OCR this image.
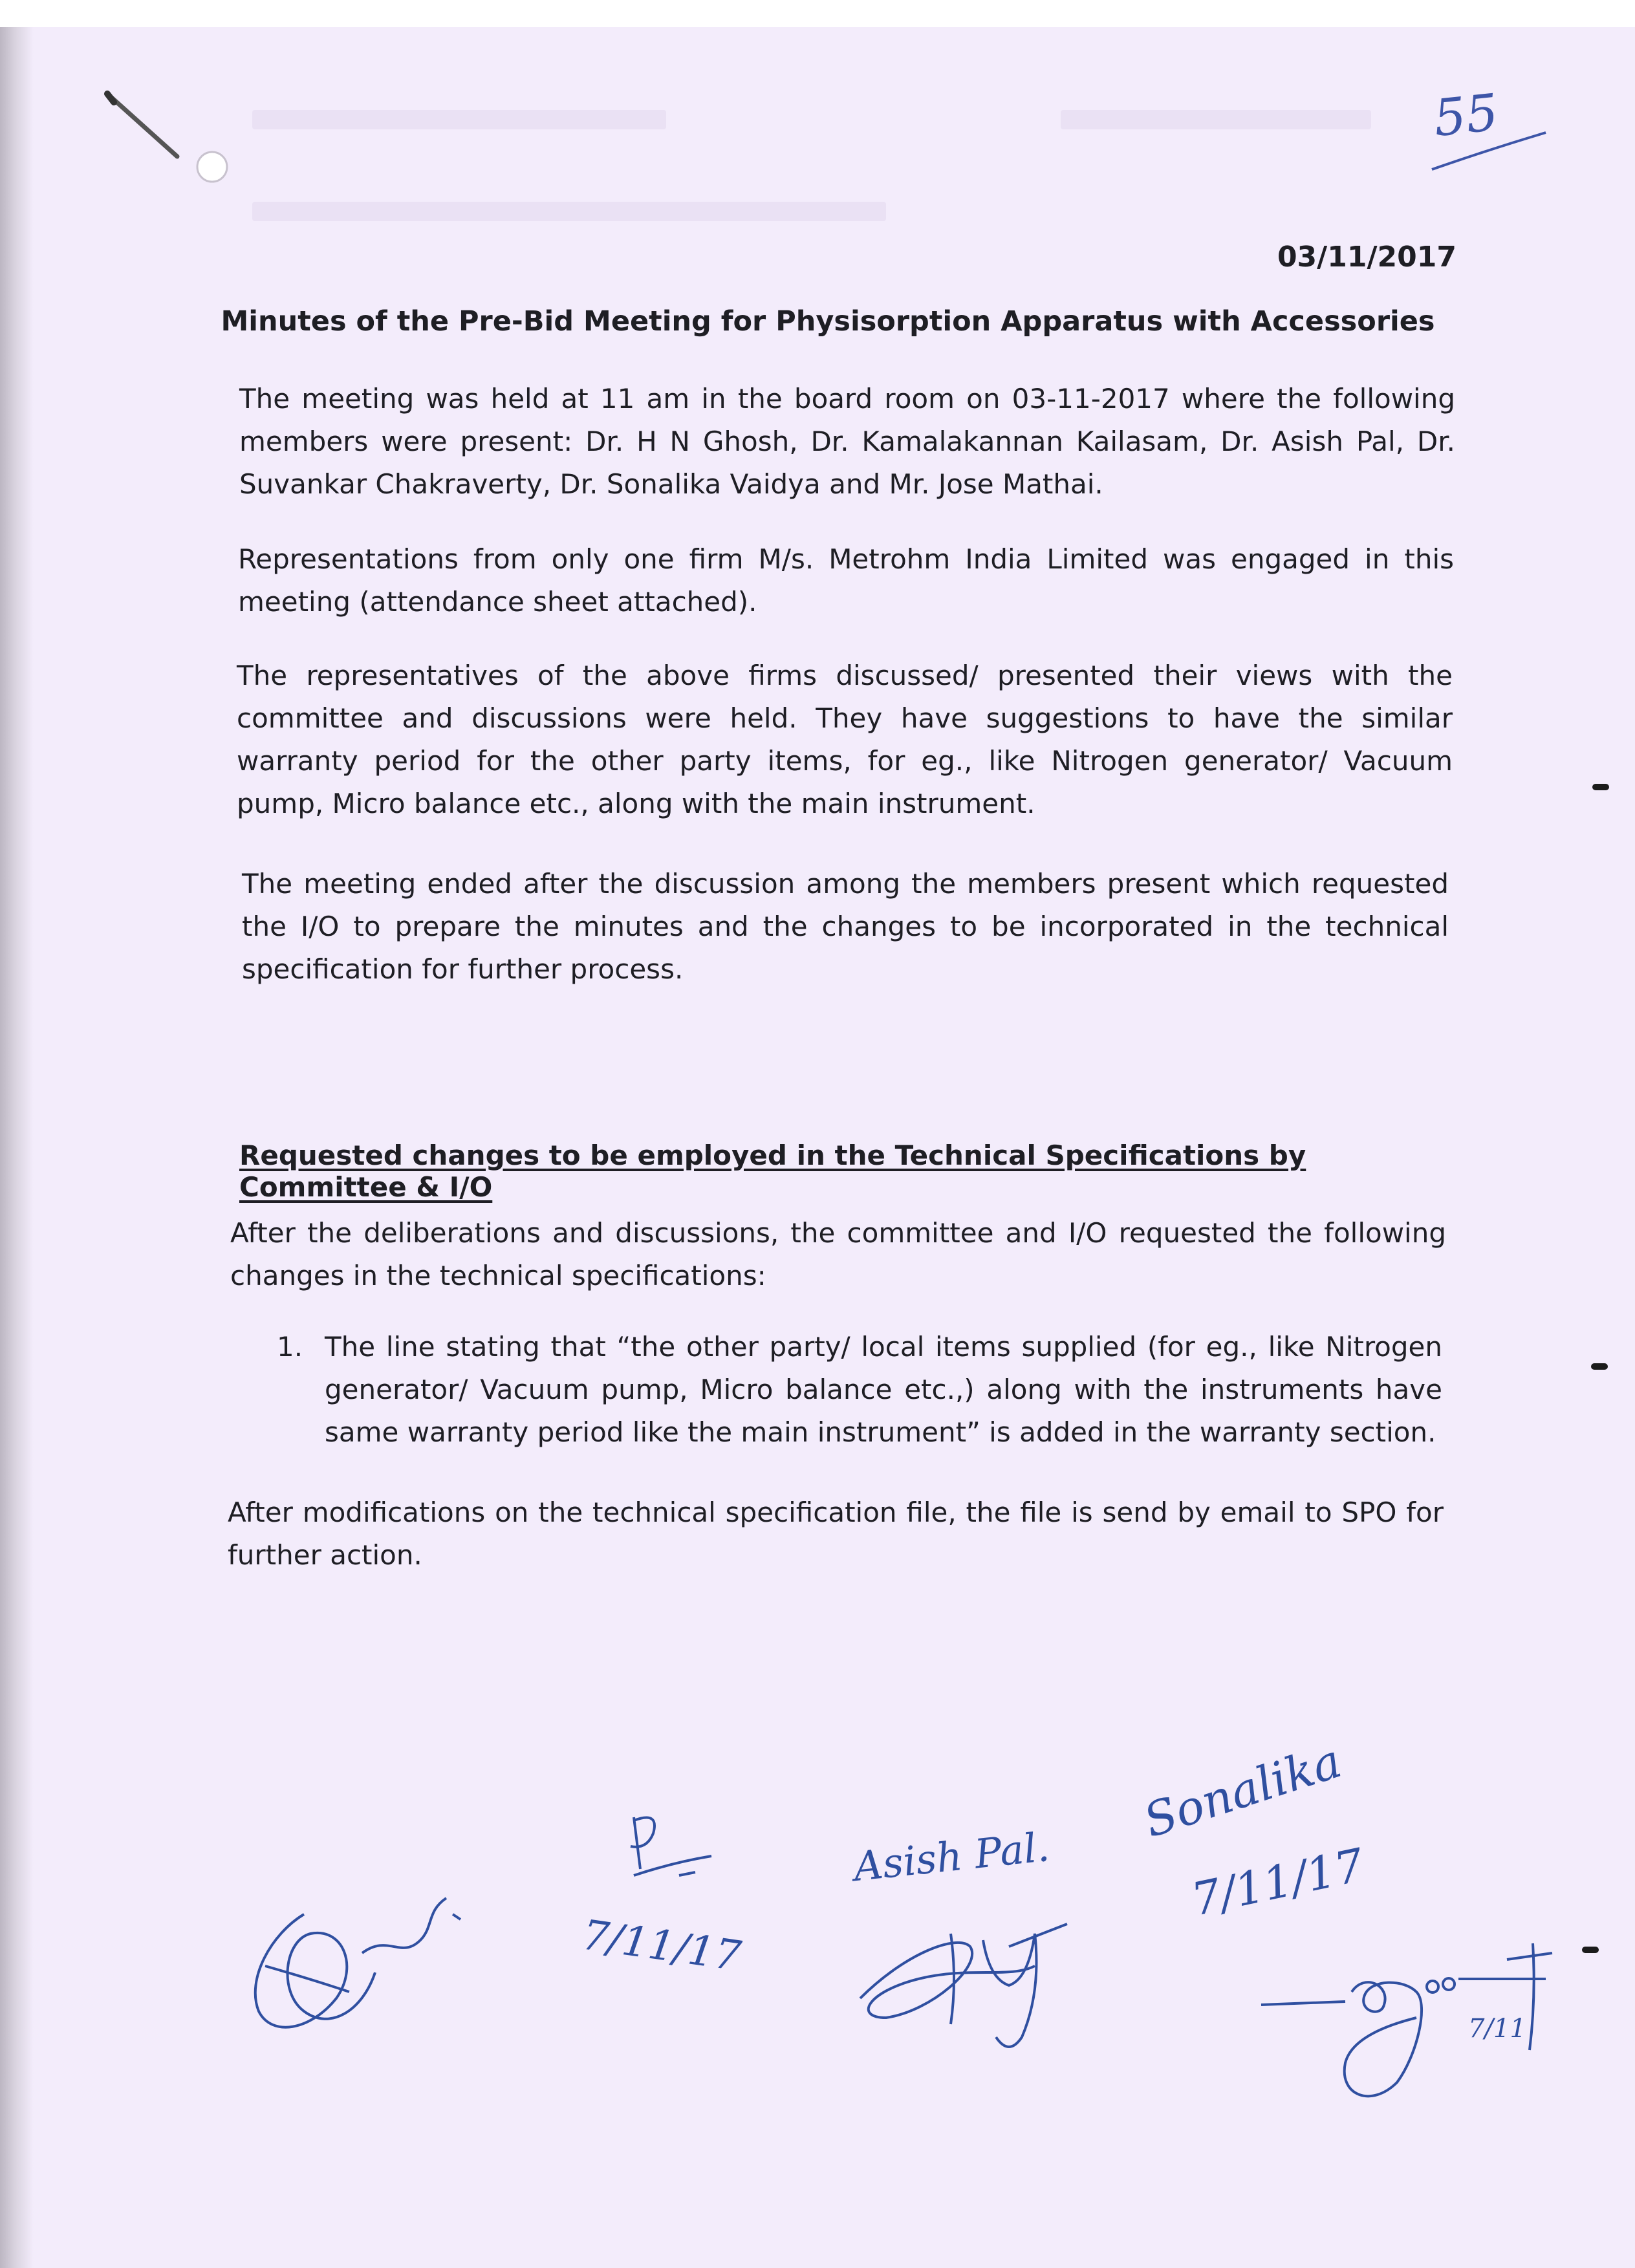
55
03/11/2017
Minutes of the Pre-Bid Meeting for Physisorption Apparatus with Accessories

The meeting was held at 11 am in the board room on 03-11-2017 where the following members were present: Dr. H N Ghosh, Dr. Kamalakannan Kailasam, Dr. Asish Pal, Dr. Suvankar Chakraverty, Dr. Sonalika Vaidya and Mr. Jose Mathai.

Representations from only one firm M/s. Metrohm India Limited was engaged in this meeting (attendance sheet attached).

The representatives of the above firms discussed/ presented their views with the committee and discussions were held. They have suggestions to have the similar warranty period for the other party items, for eg., like Nitrogen generator/ Vacuum pump, Micro balance etc., along with the main instrument.

The meeting ended after the discussion among the members present which requested the I/O to prepare the minutes and the changes to be incorporated in the technical specification for further process.

Requested changes to be employed in the Technical Specifications by Committee & I/O

After the deliberations and discussions, the committee and I/O requested the following changes in the technical specifications:

1. The line stating that “the other party/ local items supplied (for eg., like Nitrogen generator/ Vacuum pump, Micro balance etc.,) along with the instruments have same warranty period like the main instrument” is added in the warranty section.

After modifications on the technical specification file, the file is send by email to SPO for further action.

7/11/17
Asish Pal.
Sonalika
7/11/17
7/11
